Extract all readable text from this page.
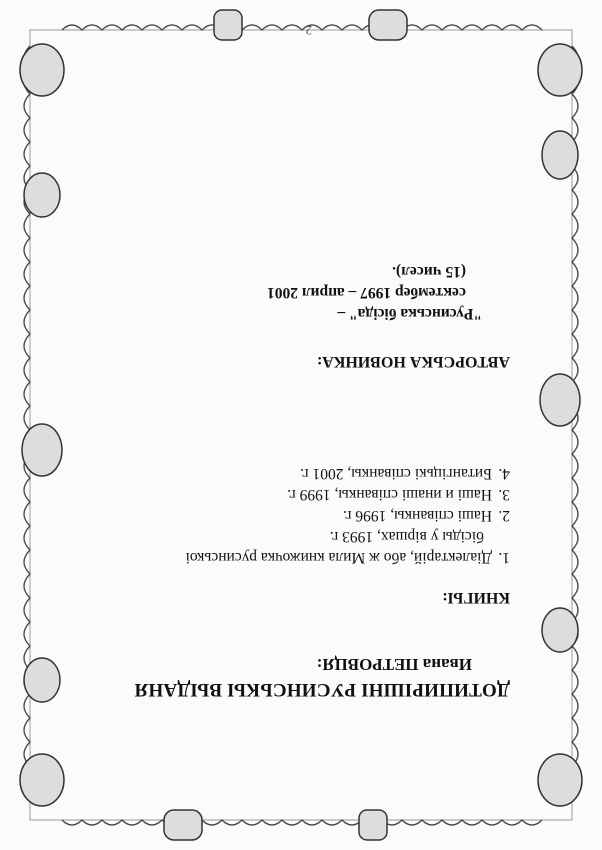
2
ДОТИПИРІШНІ РУСИНСЬКЫ ВЫДАНЯ
Ивана ПЕТРОВЦЯ:
КНИГЫ:
1.Діалектарій, або ж Мила книжочка русинськоі
бісіды у віршах, 1993 г.
2.Нашi співанкы, 1996 г.
3.Нашi и инашi співанкы, 1999 г.
4.Битангіцькі співанкы, 2001 г.
АВТОРСЬКА НОВИНКА:
"Русинська бісіда" –
сектембер 1997 – април 2001
(15 чисел).
